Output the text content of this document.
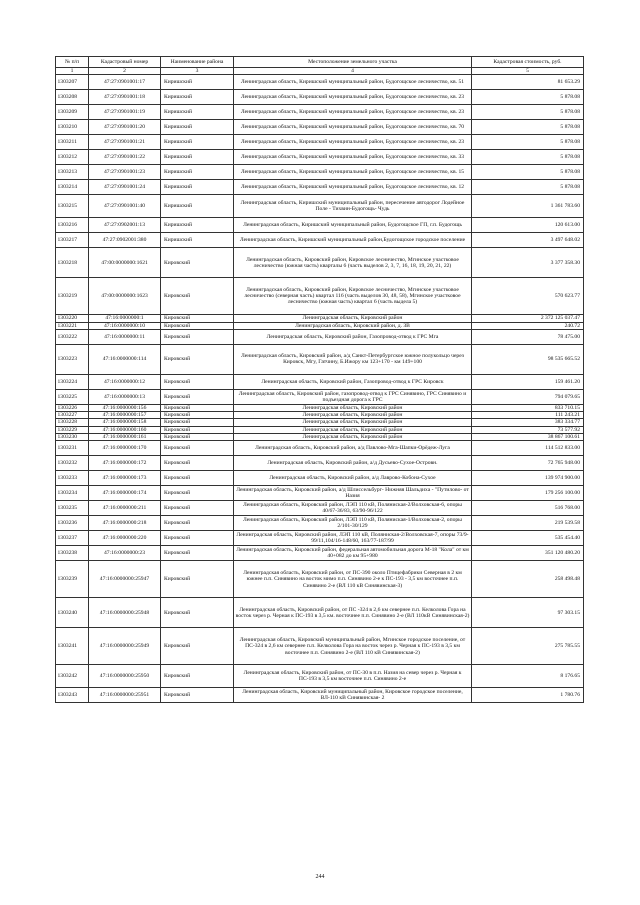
№ п/п	Кадастровый номер	Наименование района	Местоположение земельного участка	Кадастровая стоимость, руб.
1	2	3	4	5
1303207	47:27:0901001:17	Киришский	Ленинградская область, Киришский муниципальный район, Будогощское лесничество, кв. 51	81 653.29
1303208	47:27:0901001:18	Киришский	Ленинградская область, Киришский муниципальный район, Будогощское лесничество, кв. 23	5 878.08
1303209	47:27:0901001:19	Киришский	Ленинградская область, Киришский муниципальный район, Будогощское лесничество, кв. 23	5 878.08
1303210	47:27:0901001:20	Киришский	Ленинградская область, Киришский муниципальный район, Будогощское лесничество, кв. 70	5 878.08
1303211	47:27:0901001:21	Киришский	Ленинградская область, Киришский муниципальный район, Будогощское лесничество, кв. 23	5 878.08
1303212	47:27:0901001:22	Киришский	Ленинградская область, Киришский муниципальный район, Будогощское лесничество, кв. 33	5 878.08
1303213	47:27:0901001:23	Киришский	Ленинградская область, Киришский муниципальный район, Будогощское лесничество, кв. 15	5 878.08
1303214	47:27:0901001:24	Киришский	Ленинградская область, Киришский муниципальный район, Будогощское лесничество, кв. 12	5 878.08
1303215	47:27:0901001:40	Киришский	Ленинградская область, Киришский муниципальный район, пересечение автодорог Лодейное Поле - Тихвин-Будогощь- Чудь	1 361 783.60
1303216	47:27:0902001:13	Киришский	Ленинградская область, Киришский муниципальный район, Будогощское ГП, г.п. Будогощь	120 613.00
1303217	47:27:0902001:380	Киришский	Ленинградская область, Киришский муниципальный район,Будогощское городское поселение	3 497 648.02
1303218	47:00:0000000:1621	Кировский	Ленинградская область, Кировский район, Кировское лесничество, Мгинское участковое лесничество (южная часть) кварталы 6 (часть выделов 2, 3, 7, 16, 18, 19, 20, 21, 22)	3 377 358.30
1303219	47:00:0000000:1623	Кировский	Ленинградская область, Кировский район, Кировское лесничество, Мгинское участковое лесничество (северная часть) квартал 116 (часть выделов 30, 48, 58), Мгинское участковое лесничество (южная часть) квартал 6 (часть выдела 5)	570 623.77
1303220	47:16:0000000:1	Кировский	Ленинградская область, Кировский район	2 372 125 037.47
1303221	47:16:0000000:10	Кировский	Ленинградская область, Кировский район, д. ЗВ	240.72
1303222	47:16:0000000:11	Кировский	Ленинградская область, Кировский район, Газопровод-отвод к ГРС Мга	78 475.00
1303223	47:16:0000000:114	Кировский	Ленинградская область, Кировский район, а/д Санкт-Петербургское южное полукольцо через Кировск, Мгу, Гатчину, Б.Ижору км 123+170 - км 149+100	98 535 665.52
1303224	47:16:0000000:12	Кировский	Ленинградская область, Кировский район, Газопровод-отвод к ГРС Кировск	159 461.20
1303225	47:16:0000000:13	Кировский	Ленинградская область, Кировский район, газопровод-отвод к ГРС Синявино, ГРС Синявино и подъездная дорога к ГРС	794 079.65
1303226	47:16:0000000:156	Кировский	Ленинградская область, Кировский район	833 710.15
1303227	47:16:0000000:157	Кировский	Ленинградская область, Кировский район	111 243.21
1303228	47:16:0000000:158	Кировский	Ленинградская область, Кировский район	383 334.77
1303229	47:16:0000000:160	Кировский	Ленинградская область, Кировский район	73 577.92
1303230	47:16:0000000:161	Кировский	Ленинградская область, Кировский район	38 867 100.61
1303231	47:16:0000000:170	Кировский	Ленинградская область, Кировский район, а/д Павлово-Мга-Шапки-Орёдеж-Луга	114 512 833.00
1303232	47:16:0000000:172	Кировский	Ленинградская область, Кировский район, а/д Дусьево-Сухое-Островн.	72 765 948.00
1303233	47:16:0000000:173	Кировский	Ленинградская область, Кировский район, а/д Лаврово-Кобона-Сухое	139 974 900.00
1303234	47:16:0000000:174	Кировский	Ленинградская область, Кировский район, а/д Шлиссельбург- Нижняя Шальдиха - "Путилово- от Назия	179 256 100.00
1303235	47:16:0000000:211	Кировский	Ленинградская область, Кировский район, ЛЭП 110 кВ, Поляниская-2/Волховская-6, опоры 40/67-36/83, 63/90-96/122	516 768.00
1303236	47:16:0000000:218	Кировский	Ленинградская область, Кировский район, ЛЭП 110 кВ, Поляниская-1/Волховская-2, опоры 2/101-30/129	219 539.58
1303237	47:16:0000000:220	Кировский	Ленинградская область, Кировский район, ЛЭП 110 кВ, Поляниская-2/Волховская-7, опоры 73/9-99/11,104/16-148/60, 163/77-187/99	535 454.40
1303238	47:16:0000000:23	Кировский	Ленинградская область, Кировский район, федеральная автомобильная дорога М-18 "Кола" от км 40+082 до км 95+980	351 120 480.20
1303239	47:16:0000000:25947	Кировский	Ленинградская область, Кировский район, от ПС-390 около Птицефабрики Северная в 2 км южнее п.п. Синявино на восток мимо п.п. Синявино 2-е к ПС-193 - 3,5 км восточнее п.п. Синявино 2-е (ВЛ 110 кВ Синявинская-3)	258 498.48
1303240	47:16:0000000:25948	Кировский	Ленинградская область, Кировский район, от ПС -324 в 2,6 км севернее п.п. Келколова Гора на восток через р. Черная к ПС-193 в 3,5 км. восточнее п.п. Синявино 2-е (ВЛ 110кВ Синявинская-2)	97 303.15
1303241	47:16:0000000:25949	Кировский	Ленинградская область, Кировский муниципальный район, Мгинское городское поселение, от ПС-324 в 2,6 км севернее п.п. Келколова Гора на восток через р. Черная к ПС-193 в 3,5 км восточнее п.п. Синявино 2-е (ВЛ 110 кВ Синявинская-2)	275 785.55
1303242	47:16:0000000:25950	Кировский	Ленинградская область, Кировский район, от ПС-30 в п.п. Назия на север через р. Черная к ПС-193 в 3,5 км восточнее п.п. Синявино 2-е	8 176.65
1303243	47:16:0000000:25951	Кировский	Ленинградская область, Кировский муниципальный район, Кировское городское поселение, ВЛ-110 кВ Синявинская- 2	1 780.76
244
